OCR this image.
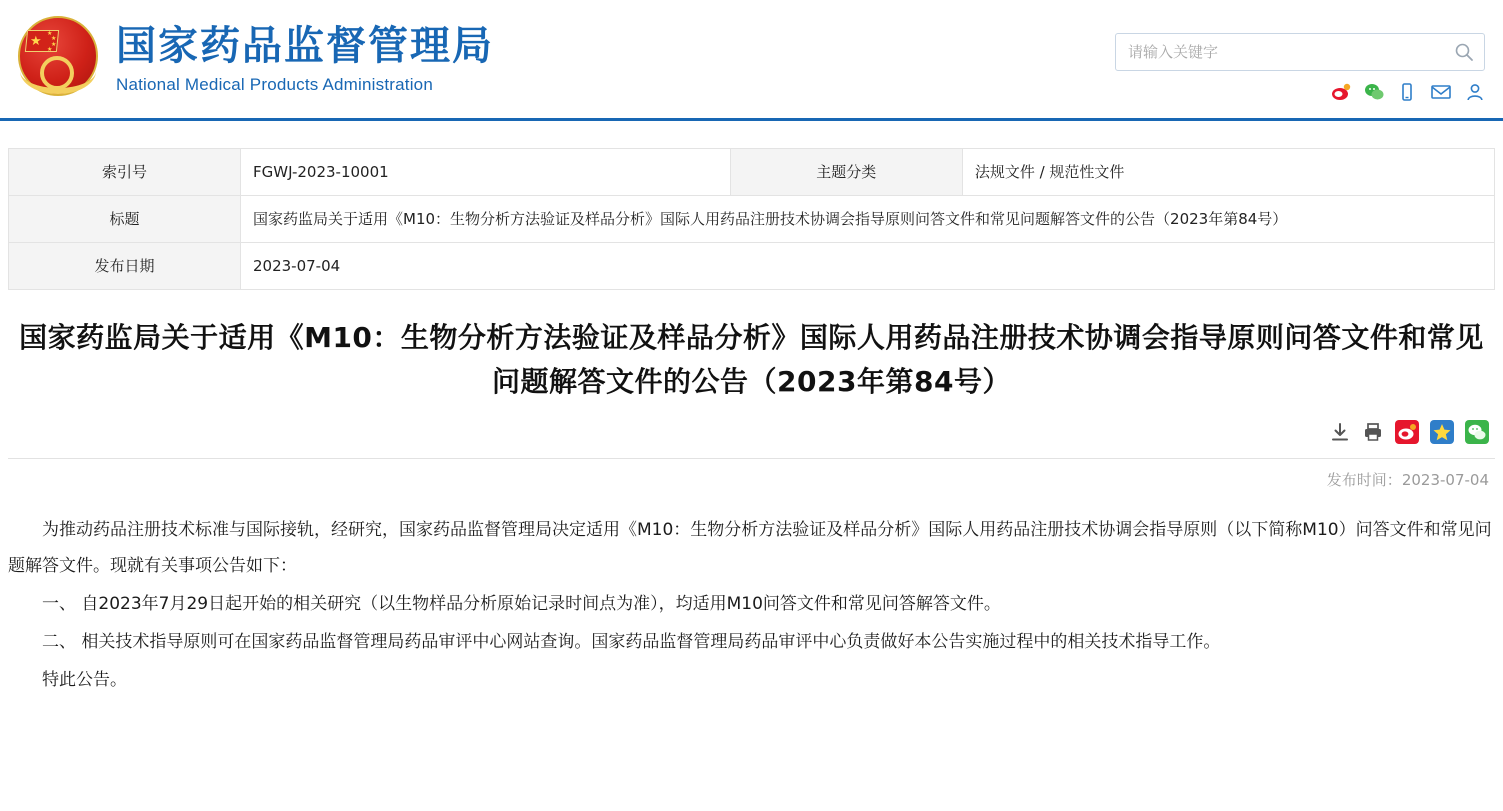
★ ★
★
★
★ 国家药品监督管理局
National Medical Products Administration
请输入关键字
索引号	FGWJ-2023-10001	主题分类	法规文件 / 规范性文件
标题	国家药监局关于适用《M10：生物分析方法验证及样品分析》国际人用药品注册技术协调会指导原则问答文件和常见问题解答文件的公告（2023年第84号）		
发布日期	2023-07-04		
国家药监局关于适用《M10：生物分析方法验证及样品分析》国际人用药品注册技术协调会指导原则问答文件和常见问题解答文件的公告（2023年第84号）
发布时间：2023-07-04

为推动药品注册技术标准与国际接轨，经研究，国家药品监督管理局决定适用《M10：生物分析方法验证及样品分析》国际人用药品注册技术协调会指导原则（以下简称M10）问答文件和常见问题解答文件。现就有关事项公告如下：

一、 自2023年7月29日起开始的相关研究（以生物样品分析原始记录时间点为准），均适用M10问答文件和常见问答解答文件。

二、 相关技术指导原则可在国家药品监督管理局药品审评中心网站查询。国家药品监督管理局药品审评中心负责做好本公告实施过程中的相关技术指导工作。

特此公告。
